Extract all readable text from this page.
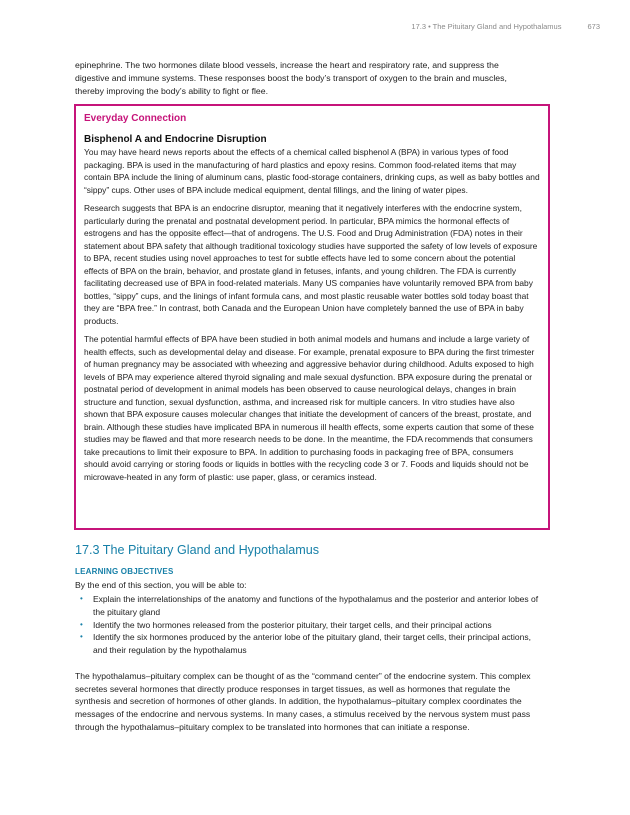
17.3 • The Pituitary Gland and Hypothalamus	673

epinephrine. The two hormones dilate blood vessels, increase the heart and respiratory rate, and suppress the digestive and immune systems. These responses boost the body’s transport of oxygen to the brain and muscles, thereby improving the body’s ability to fight or flee.

Everyday Connection
Bisphenol A and Endocrine Disruption

You may have heard news reports about the effects of a chemical called bisphenol A (BPA) in various types of food packaging. BPA is used in the manufacturing of hard plastics and epoxy resins. Common food-related items that may contain BPA include the lining of aluminum cans, plastic food-storage containers, drinking cups, as well as baby bottles and “sippy” cups. Other uses of BPA include medical equipment, dental fillings, and the lining of water pipes.

Research suggests that BPA is an endocrine disruptor, meaning that it negatively interferes with the endocrine system, particularly during the prenatal and postnatal development period. In particular, BPA mimics the hormonal effects of estrogens and has the opposite effect—that of androgens. The U.S. Food and Drug Administration (FDA) notes in their statement about BPA safety that although traditional toxicology studies have supported the safety of low levels of exposure to BPA, recent studies using novel approaches to test for subtle effects have led to some concern about the potential effects of BPA on the brain, behavior, and prostate gland in fetuses, infants, and young children. The FDA is currently facilitating decreased use of BPA in food-related materials. Many US companies have voluntarily removed BPA from baby bottles, “sippy” cups, and the linings of infant formula cans, and most plastic reusable water bottles sold today boast that they are “BPA free.” In contrast, both Canada and the European Union have completely banned the use of BPA in baby products.

The potential harmful effects of BPA have been studied in both animal models and humans and include a large variety of health effects, such as developmental delay and disease. For example, prenatal exposure to BPA during the first trimester of human pregnancy may be associated with wheezing and aggressive behavior during childhood. Adults exposed to high levels of BPA may experience altered thyroid signaling and male sexual dysfunction. BPA exposure during the prenatal or postnatal period of development in animal models has been observed to cause neurological delays, changes in brain structure and function, sexual dysfunction, asthma, and increased risk for multiple cancers. In vitro studies have also shown that BPA exposure causes molecular changes that initiate the development of cancers of the breast, prostate, and brain. Although these studies have implicated BPA in numerous ill health effects, some experts caution that some of these studies may be flawed and that more research needs to be done. In the meantime, the FDA recommends that consumers take precautions to limit their exposure to BPA. In addition to purchasing foods in packaging free of BPA, consumers should avoid carrying or storing foods or liquids in bottles with the recycling code 3 or 7. Foods and liquids should not be microwave-heated in any form of plastic: use paper, glass, or ceramics instead.

17.3 The Pituitary Gland and Hypothalamus
LEARNING OBJECTIVES
By the end of this section, you will be able to:
• Explain the interrelationships of the anatomy and functions of the hypothalamus and the posterior and anterior lobes of the pituitary gland
• Identify the two hormones released from the posterior pituitary, their target cells, and their principal actions
• Identify the six hormones produced by the anterior lobe of the pituitary gland, their target cells, their principal actions, and their regulation by the hypothalamus

The hypothalamus–pituitary complex can be thought of as the “command center” of the endocrine system. This complex secretes several hormones that directly produce responses in target tissues, as well as hormones that regulate the synthesis and secretion of hormones of other glands. In addition, the hypothalamus–pituitary complex coordinates the messages of the endocrine and nervous systems. In many cases, a stimulus received by the nervous system must pass through the hypothalamus–pituitary complex to be translated into hormones that can initiate a response.
